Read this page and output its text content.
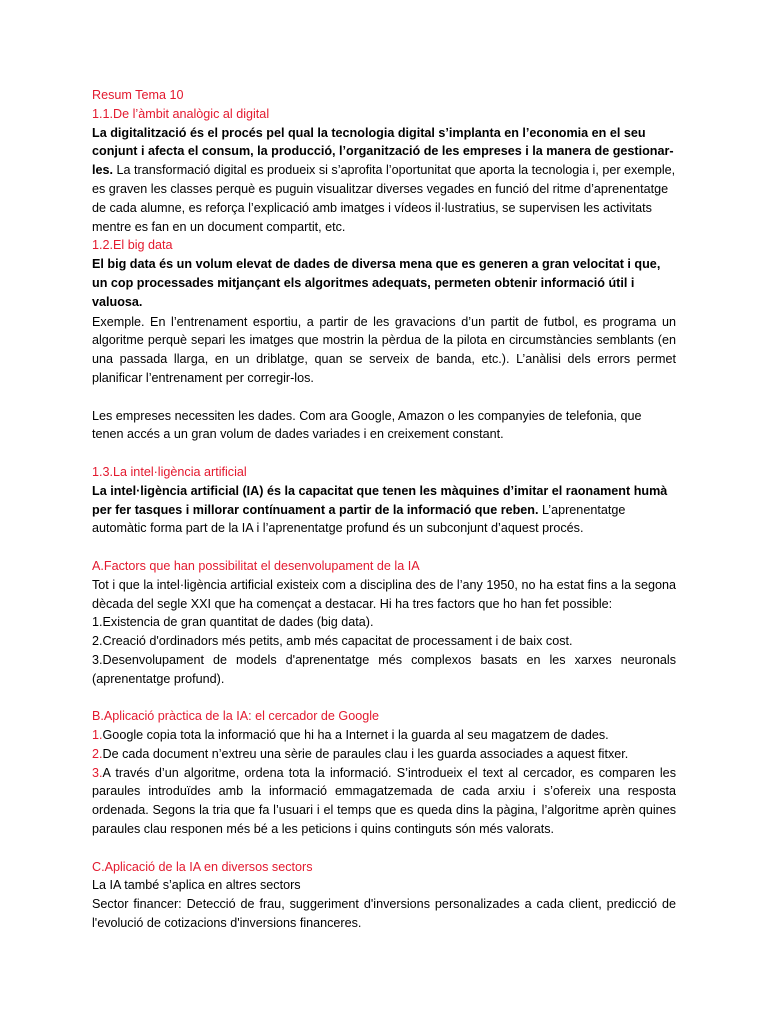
Resum Tema 10

1.1.De l’àmbit analògic al digital

La digitalització és el procés pel qual la tecnologia digital s’implanta en l’economia en el seu conjunt i afecta el consum, la producció, l’organització de les empreses i la manera de gestionar-les. La transformació digital es produeix si s’aprofita l’oportunitat que aporta la tecnologia i, per exemple, es graven les classes perquè es puguin visualitzar diverses vegades en funció del ritme d’aprenentatge de cada alumne, es reforça l’explicació amb imatges i vídeos il·lustratius, se supervisen les activitats mentre es fan en un document compartit, etc.

1.2.El big data

El big data és un volum elevat de dades de diversa mena que es generen a gran velocitat i que, un cop processades mitjançant els algoritmes adequats, permeten obtenir informació útil i valuosa.

Exemple. En l’entrenament esportiu, a partir de les gravacions d’un partit de futbol, es programa un algoritme perquè separi les imatges que mostrin la pèrdua de la pilota en circumstàncies semblants (en una passada llarga, en un driblatge, quan se serveix de banda, etc.). L’anàlisi dels errors permet planificar l’entrenament per corregir-los.

Les empreses necessiten les dades. Com ara Google, Amazon o les companyies de telefonia, que tenen accés a un gran volum de dades variades i en creixement constant.

1.3.La intel·ligència artificial

La intel·ligència artificial (IA) és la capacitat que tenen les màquines d’imitar el raonament humà per fer tasques i millorar contínuament a partir de la informació que reben. L’aprenentatge automàtic forma part de la IA i l’aprenentatge profund és un subconjunt d’aquest procés.

A.Factors que han possibilitat el desenvolupament de la IA

Tot i que la intel·ligència artificial existeix com a disciplina des de l’any 1950, no ha estat fins a la segona dècada del segle XXI que ha començat a destacar. Hi ha tres factors que ho han fet possible:

1.Existencia de gran quantitat de dades (big data).

2.Creació d'ordinadors més petits, amb més capacitat de processament i de baix cost.

3.Desenvolupament de models d'aprenentatge més complexos basats en les xarxes neuronals (aprenentatge profund).

B.Aplicació pràctica de la IA: el cercador de Google

1.Google copia tota la informació que hi ha a Internet i la guarda al seu magatzem de dades.

2.De cada document n’extreu una sèrie de paraules clau i les guarda associades a aquest fitxer.

3.A través d’un algoritme, ordena tota la informació. S’introdueix el text al cercador, es comparen les paraules introduïdes amb la informació emmagatzemada de cada arxiu i s’ofereix una resposta ordenada. Segons la tria que fa l’usuari i el temps que es queda dins la pàgina, l’algoritme aprèn quines paraules clau responen més bé a les peticions i quins continguts són més valorats.

C.Aplicació de la IA en diversos sectors

La IA també s’aplica en altres sectors

Sector financer: Detecció de frau, suggeriment d'inversions personalizades a cada client, predicció de l'evolució de cotizacions d'inversions financeres.
